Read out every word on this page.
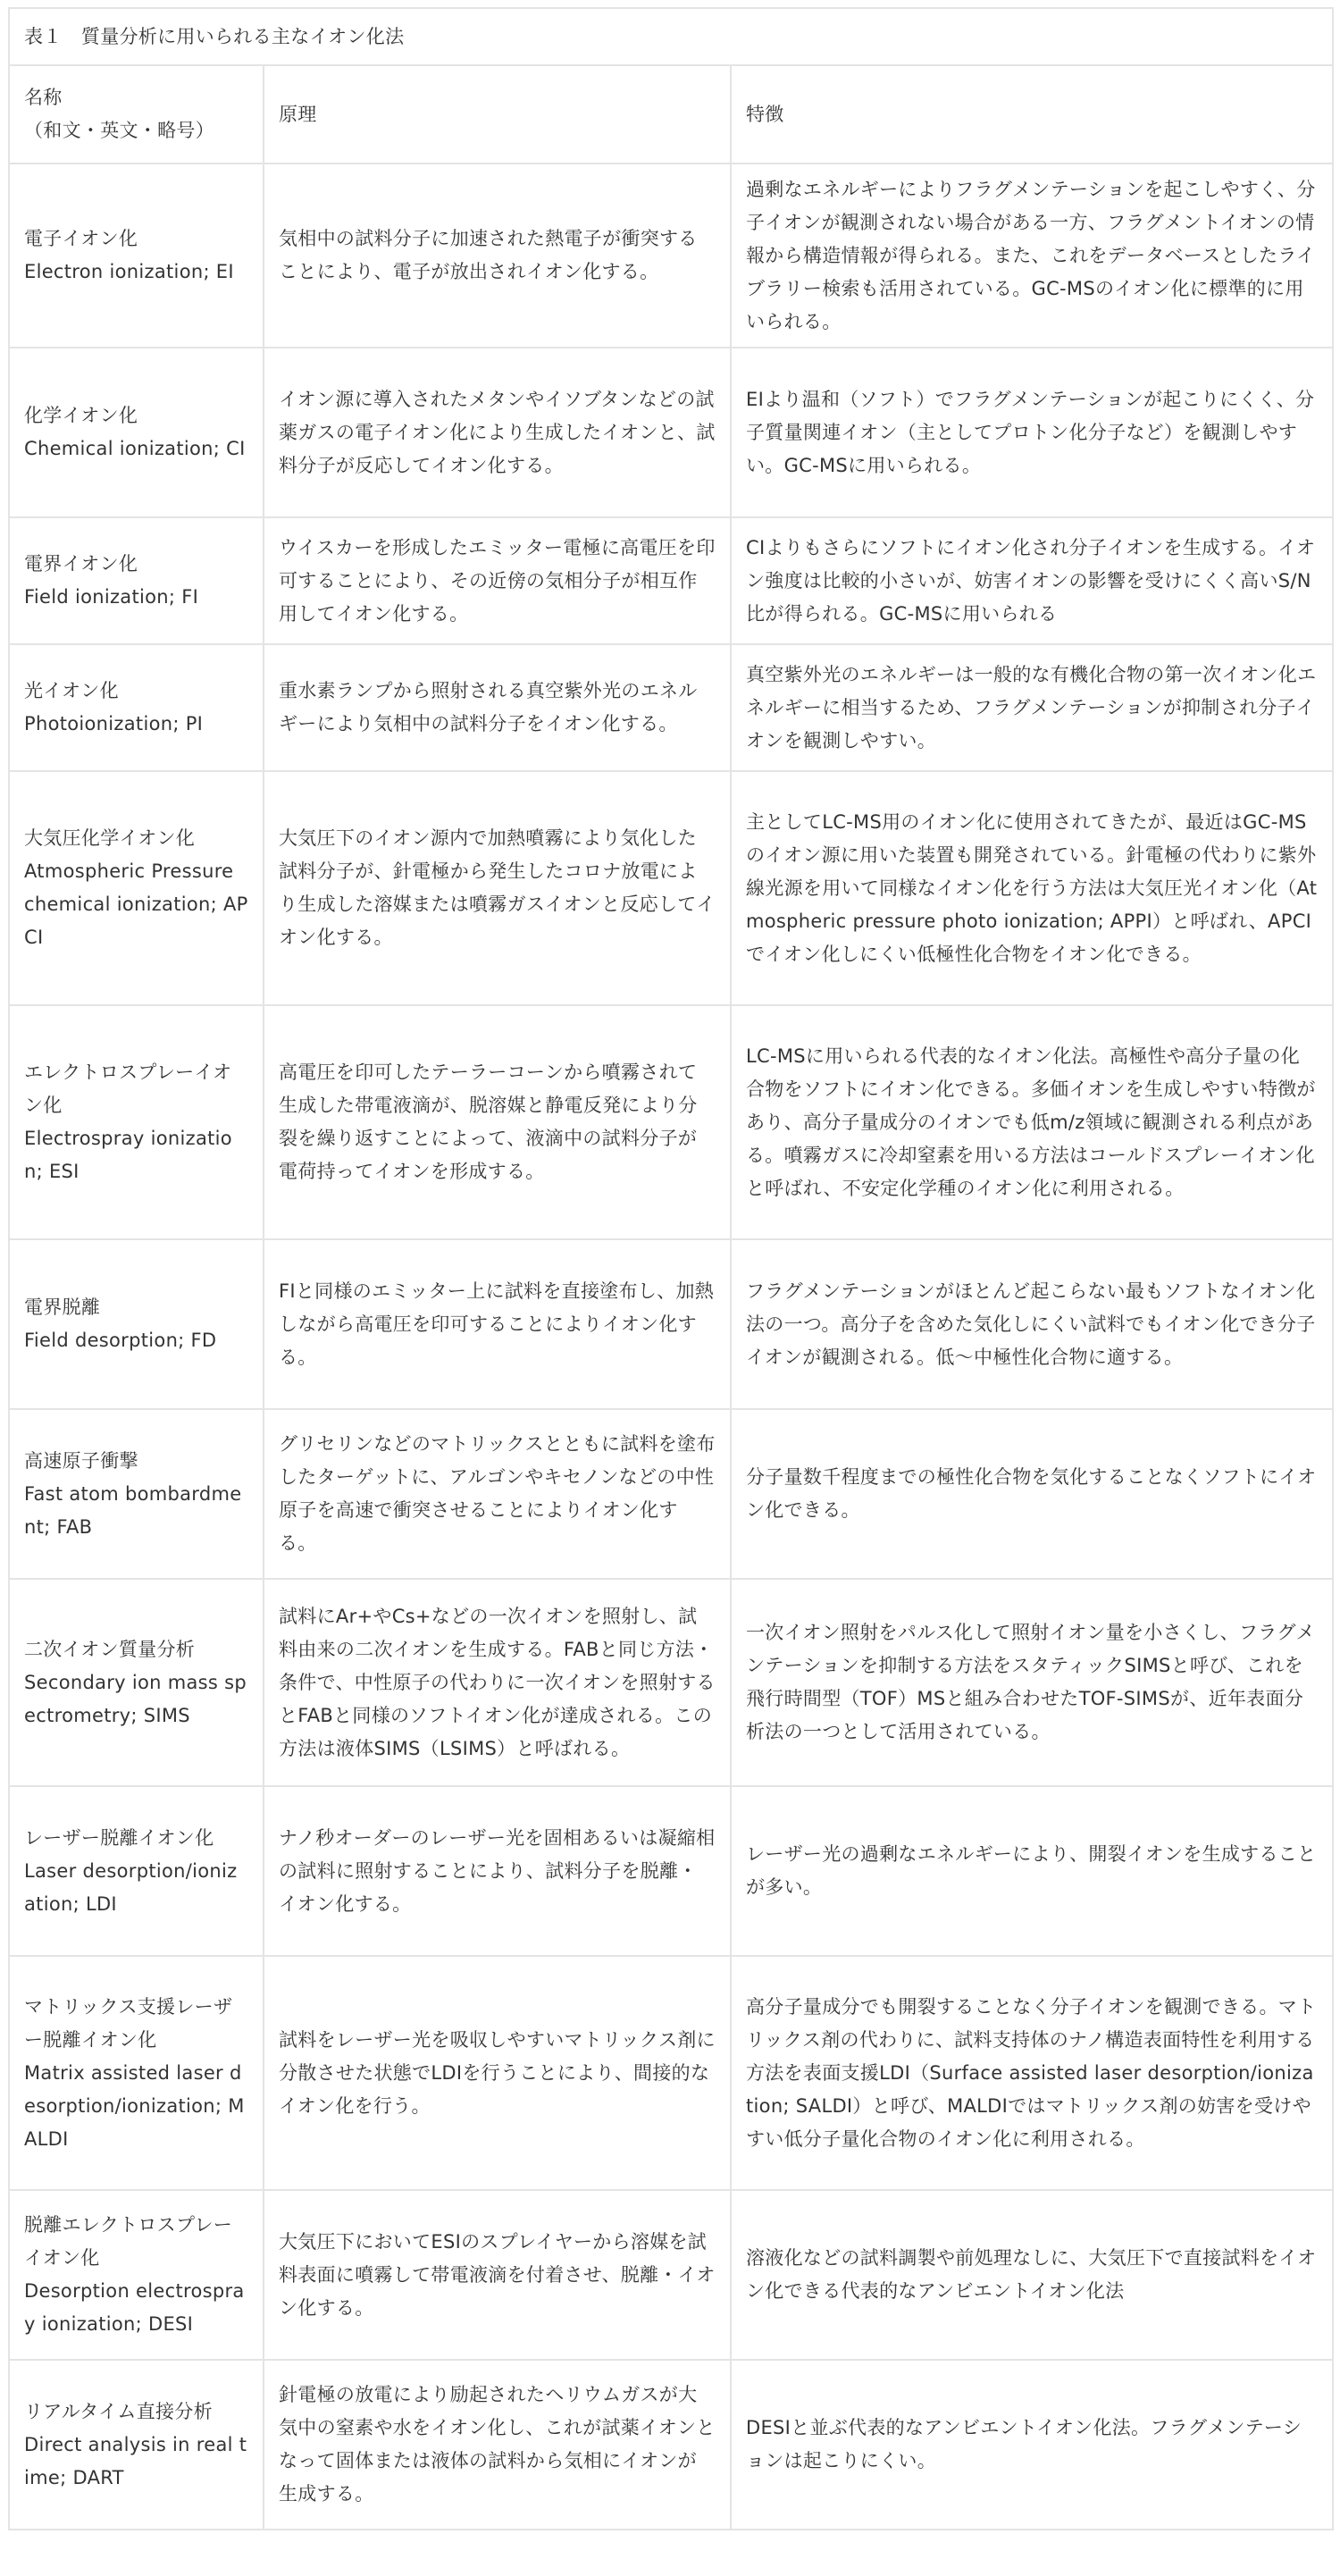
表１　質量分析に用いられる主なイオン化法		

名称
（和文・英文・略号）	原理	特徴

電子イオン化
Electron ionization; EI	気相中の試料分子に加速された熱電子が衝突することにより、電子が放出されイオン化する。	過剰なエネルギーによりフラグメンテーションを起こしやすく、分子イオンが観測されない場合がある一方、フラグメントイオンの情報から構造情報が得られる。また、これをデータベースとしたライブラリー検索も活用されている。GC-MSのイオン化に標準的に用いられる。

化学イオン化
Chemical ionization; CI	イオン源に導入されたメタンやイソブタンなどの試薬ガスの電子イオン化により生成したイオンと、試料分子が反応してイオン化する。	EIより温和（ソフト）でフラグメンテーションが起こりにくく、分子質量関連イオン（主としてプロトン化分子など）を観測しやすい。GC-MSに用いられる。

電界イオン化
Field ionization; FI	ウイスカーを形成したエミッター電極に高電圧を印可することにより、その近傍の気相分子が相互作用してイオン化する。	CIよりもさらにソフトにイオン化され分子イオンを生成する。イオン強度は比較的小さいが、妨害イオンの影響を受けにくく高いS/N比が得られる。GC-MSに用いられる

光イオン化
Photoionization; PI	重水素ランプから照射される真空紫外光のエネルギーにより気相中の試料分子をイオン化する。	真空紫外光のエネルギーは一般的な有機化合物の第一次イオン化エネルギーに相当するため、フラグメンテーションが抑制され分子イオンを観測しやすい。

大気圧化学イオン化
Atmospheric Pressure chemical ionization; APCI	大気圧下のイオン源内で加熱噴霧により気化した試料分子が、針電極から発生したコロナ放電により生成した溶媒または噴霧ガスイオンと反応してイオン化する。	主としてLC-MS用のイオン化に使用されてきたが、最近はGC-MS のイオン源に用いた装置も開発されている。針電極の代わりに紫外線光源を用いて同様なイオン化を行う方法は大気圧光イオン化（Atmospheric pressure photo ionization; APPI）と呼ばれ、APCIでイオン化しにくい低極性化合物をイオン化できる。

エレクトロスプレーイオン化
Electrospray ionization; ESI	高電圧を印可したテーラーコーンから噴霧されて生成した帯電液滴が、脱溶媒と静電反発により分裂を繰り返すことによって、液滴中の試料分子が電荷持ってイオンを形成する。	LC-MSに用いられる代表的なイオン化法。高極性や高分子量の化合物をソフトにイオン化できる。多価イオンを生成しやすい特徴があり、高分子量成分のイオンでも低m/z領域に観測される利点がある。噴霧ガスに冷却窒素を用いる方法はコールドスプレーイオン化と呼ばれ、不安定化学種のイオン化に利用される。

電界脱離
Field desorption; FD	FIと同様のエミッター上に試料を直接塗布し、加熱しながら高電圧を印可することによりイオン化する。	フラグメンテーションがほとんど起こらない最もソフトなイオン化法の一つ。高分子を含めた気化しにくい試料でもイオン化でき分子イオンが観測される。低～中極性化合物に適する。

高速原子衝撃
Fast atom bombardment; FAB	グリセリンなどのマトリックスとともに試料を塗布したターゲットに、アルゴンやキセノンなどの中性原子を高速で衝突させることによりイオン化する。	分子量数千程度までの極性化合物を気化することなくソフトにイオン化できる。

二次イオン質量分析
Secondary ion mass spectrometry; SIMS	試料にAr+やCs+などの一次イオンを照射し、試料由来の二次イオンを生成する。FABと同じ方法・条件で、中性原子の代わりに一次イオンを照射するとFABと同様のソフトイオン化が達成される。この方法は液体SIMS（LSIMS）と呼ばれる。	一次イオン照射をパルス化して照射イオン量を小さくし、フラグメンテーションを抑制する方法をスタティックSIMSと呼び、これを飛行時間型（TOF）MSと組み合わせたTOF-SIMSが、近年表面分析法の一つとして活用されている。

レーザー脱離イオン化
Laser desorption/ionization; LDI	ナノ秒オーダーのレーザー光を固相あるいは凝縮相の試料に照射することにより、試料分子を脱離・イオン化する。	レーザー光の過剰なエネルギーにより、開裂イオンを生成することが多い。

マトリックス支援レーザー脱離イオン化
Matrix assisted laser desorption/ionization; MALDI	試料をレーザー光を吸収しやすいマトリックス剤に分散させた状態でLDIを行うことにより、間接的なイオン化を行う。	高分子量成分でも開裂することなく分子イオンを観測できる。マトリックス剤の代わりに、試料支持体のナノ構造表面特性を利用する方法を表面支援LDI（Surface assisted laser desorption/ionization; SALDI）と呼び、MALDIではマトリックス剤の妨害を受けやすい低分子量化合物のイオン化に利用される。

脱離エレクトロスプレーイオン化
Desorption electrospray ionization; DESI	大気圧下においてESIのスプレイヤーから溶媒を試料表面に噴霧して帯電液滴を付着させ、脱離・イオン化する。	溶液化などの試料調製や前処理なしに、大気圧下で直接試料をイオン化できる代表的なアンビエントイオン化法

リアルタイム直接分析
Direct analysis in real time; DART	針電極の放電により励起されたヘリウムガスが大気中の窒素や水をイオン化し、これが試薬イオンとなって固体または液体の試料から気相にイオンが生成する。	DESIと並ぶ代表的なアンビエントイオン化法。フラグメンテーションは起こりにくい。
